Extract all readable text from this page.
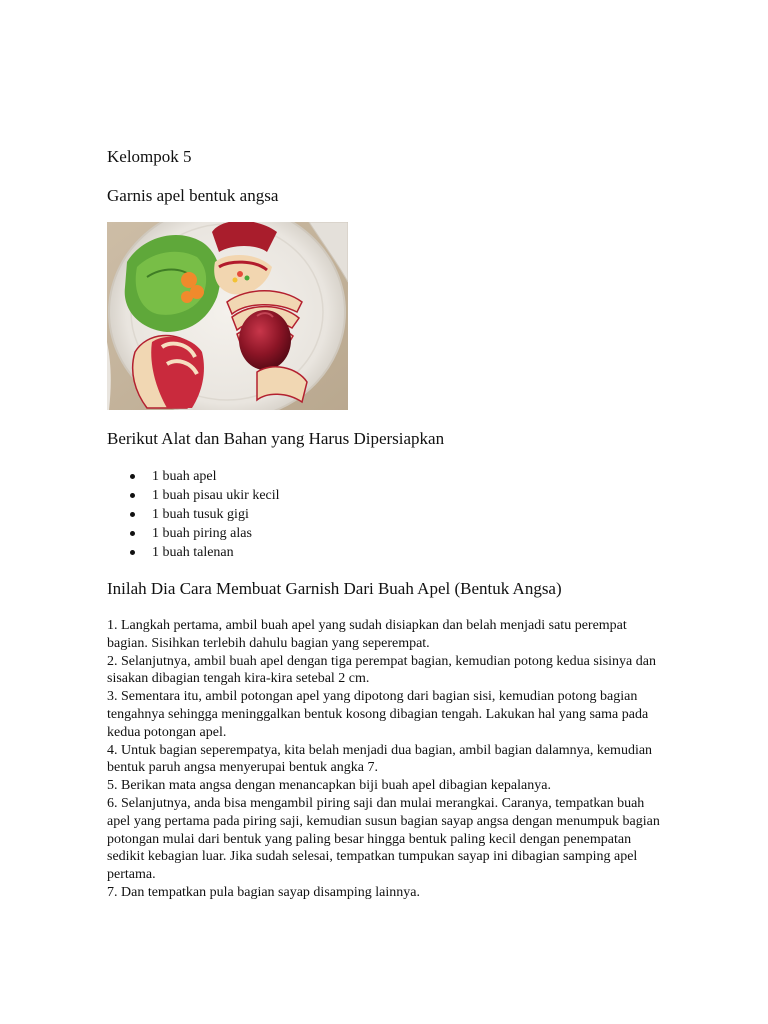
Kelompok 5
Garnis apel bentuk angsa
Berikut Alat dan Bahan yang Harus Dipersiapkan
1 buah apel
1 buah pisau ukir kecil
1 buah tusuk gigi
1 buah piring alas
1 buah talenan
Inilah Dia Cara Membuat Garnish Dari Buah Apel (Bentuk Angsa)

1. Langkah pertama, ambil buah apel yang sudah disiapkan dan belah menjadi satu perempat bagian. Sisihkan terlebih dahulu bagian yang seperempat.

2. Selanjutnya, ambil buah apel dengan tiga perempat bagian, kemudian potong kedua sisinya dan sisakan dibagian tengah kira-kira setebal 2 cm.

3. Sementara itu, ambil potongan apel yang dipotong dari bagian sisi, kemudian potong bagian tengahnya sehingga meninggalkan bentuk kosong dibagian tengah. Lakukan hal yang sama pada kedua potongan apel.

4. Untuk bagian seperempatya, kita belah menjadi dua bagian, ambil bagian dalamnya, kemudian bentuk paruh angsa menyerupai bentuk angka 7.

5. Berikan mata angsa dengan menancapkan biji buah apel dibagian kepalanya.

6. Selanjutnya, anda bisa mengambil piring saji dan mulai merangkai. Caranya, tempatkan buah apel yang pertama pada piring saji, kemudian susun bagian sayap angsa dengan menumpuk bagian potongan mulai dari bentuk yang paling besar hingga bentuk paling kecil dengan penempatan sedikit kebagian luar. Jika sudah selesai, tempatkan tumpukan sayap ini dibagian samping apel pertama.

7. Dan tempatkan pula bagian sayap disamping lainnya.
